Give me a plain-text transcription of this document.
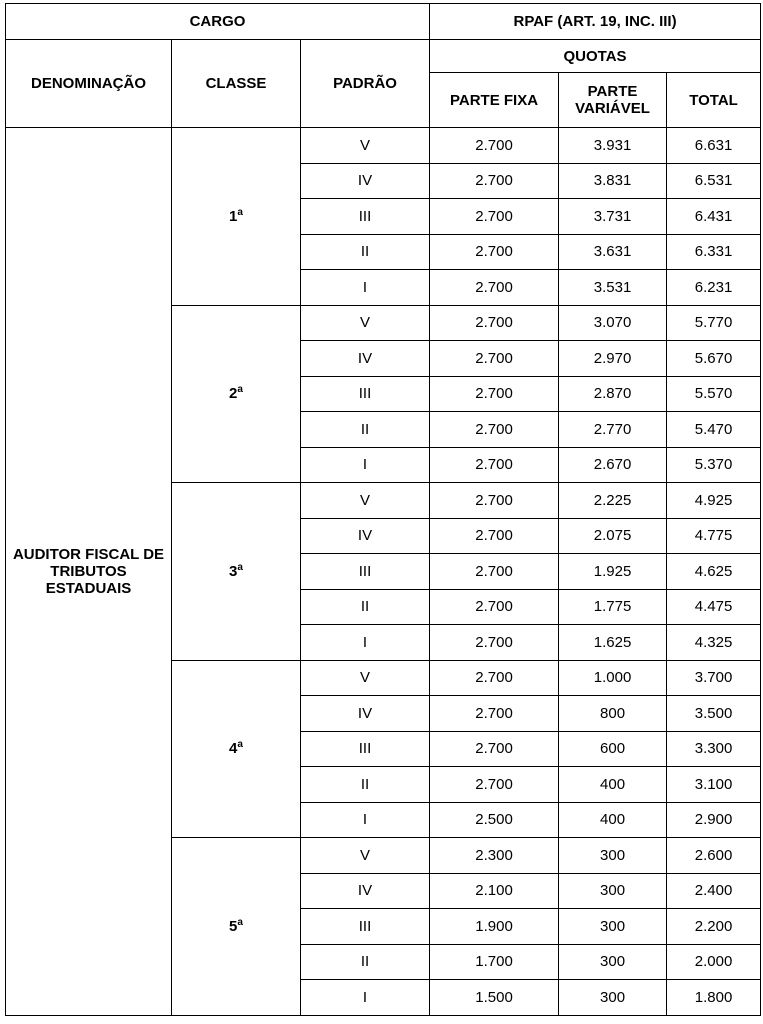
CARGO			RPAF (ART. 19, INC. III)		
DENOMINAÇÃO	CLASSE	PADRÃO	QUOTAS		
			PARTE FIXA	PARTE VARIÁVEL	TOTAL
AUDITOR FISCAL DE TRIBUTOS ESTADUAIS	1$^a$	V	2.700	3.931	6.631
		IV	2.700	3.831	6.531
		III	2.700	3.731	6.431
		II	2.700	3.631	6.331
		I	2.700	3.531	6.231
	2$^a$	V	2.700	3.070	5.770
		IV	2.700	2.970	5.670
		III	2.700	2.870	5.570
		II	2.700	2.770	5.470
		I	2.700	2.670	5.370
	3$^a$	V	2.700	2.225	4.925
		IV	2.700	2.075	4.775
		III	2.700	1.925	4.625
		II	2.700	1.775	4.475
		I	2.700	1.625	4.325
	4$^a$	V	2.700	1.000	3.700
		IV	2.700	800	3.500
		III	2.700	600	3.300
		II	2.700	400	3.100
		I	2.500	400	2.900
	5$^a$	V	2.300	300	2.600
		IV	2.100	300	2.400
		III	1.900	300	2.200
		II	1.700	300	2.000
		I	1.500	300	1.800
